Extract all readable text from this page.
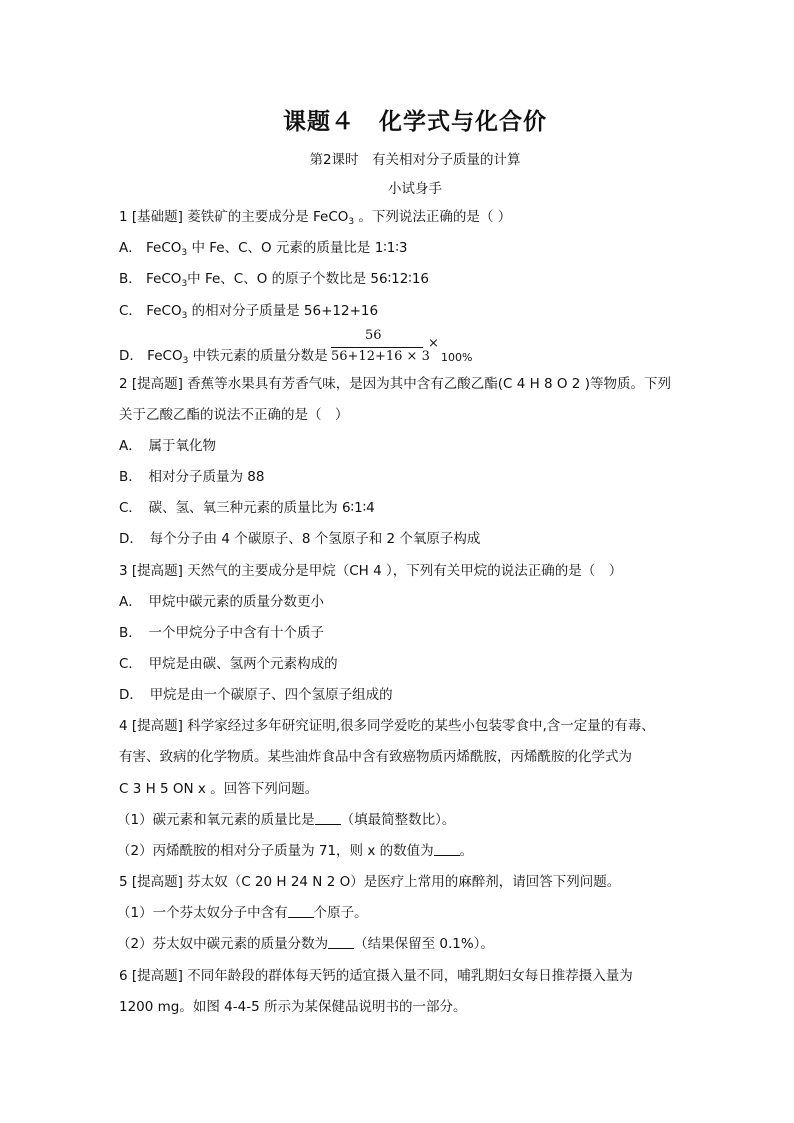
课题４　化学式与化合价
第2课时　有关相对分子质量的计算
小试身手
1 [基础题] 菱铁矿的主要成分是 FeCO$_3$ 。下列说法正确的是（ ）
A． FeCO$_3$ 中 Fe、C、O 元素的质量比是 1∶1∶3
B． FeCO$_3$中 Fe、C、O 的原子个数比是 56∶12∶16
C． FeCO$_3$ 的相对分子质量是 56+12+16
D． FeCO$_3$ 中铁元素的质量分数是
56
56+12+16 × 3
×
100%
2 [提高题] 香蕉等水果具有芳香气味，是因为其中含有乙酸乙酯(C 4 H 8 O 2 )等物质。下列
关于乙酸乙酯的说法不正确的是（　）
A．　属于氧化物
B．　相对分子质量为 88
C．　碳、氢、氧三种元素的质量比为 6∶1∶4
D．　每个分子由 4 个碳原子、8 个氢原子和 2 个氧原子构成
3 [提高题] 天然气的主要成分是甲烷（CH 4 ），下列有关甲烷的说法正确的是（　）
A．　甲烷中碳元素的质量分数更小
B．　一个甲烷分子中含有十个质子
C．　甲烷是由碳、氢两个元素构成的
D．　甲烷是由一个碳原子、四个氢原子组成的
4 [提高题] 科学家经过多年研究证明,很多同学爱吃的某些小包装零食中,含一定量的有毒、
有害、致病的化学物质。某些油炸食品中含有致癌物质丙烯酰胺，丙烯酰胺的化学式为
C 3 H 5 ON x 。回答下列问题。
（1）碳元素和氧元素的质量比是 （填最简整数比）。
（2）丙烯酰胺的相对分子质量为 71，则 x 的数值为 。
5 [提高题] 芬太奴（C 20 H 24 N 2 O）是医疗上常用的麻醉剂，请回答下列问题。
（1）一个芬太奴分子中含有 个原子。
（2）芬太奴中碳元素的质量分数为 （结果保留至 0.1%）。
6 [提高题] 不同年龄段的群体每天钙的适宜摄入量不同，哺乳期妇女每日推荐摄入量为
1200 mg。如图 4-4-5 所示为某保健品说明书的一部分。
